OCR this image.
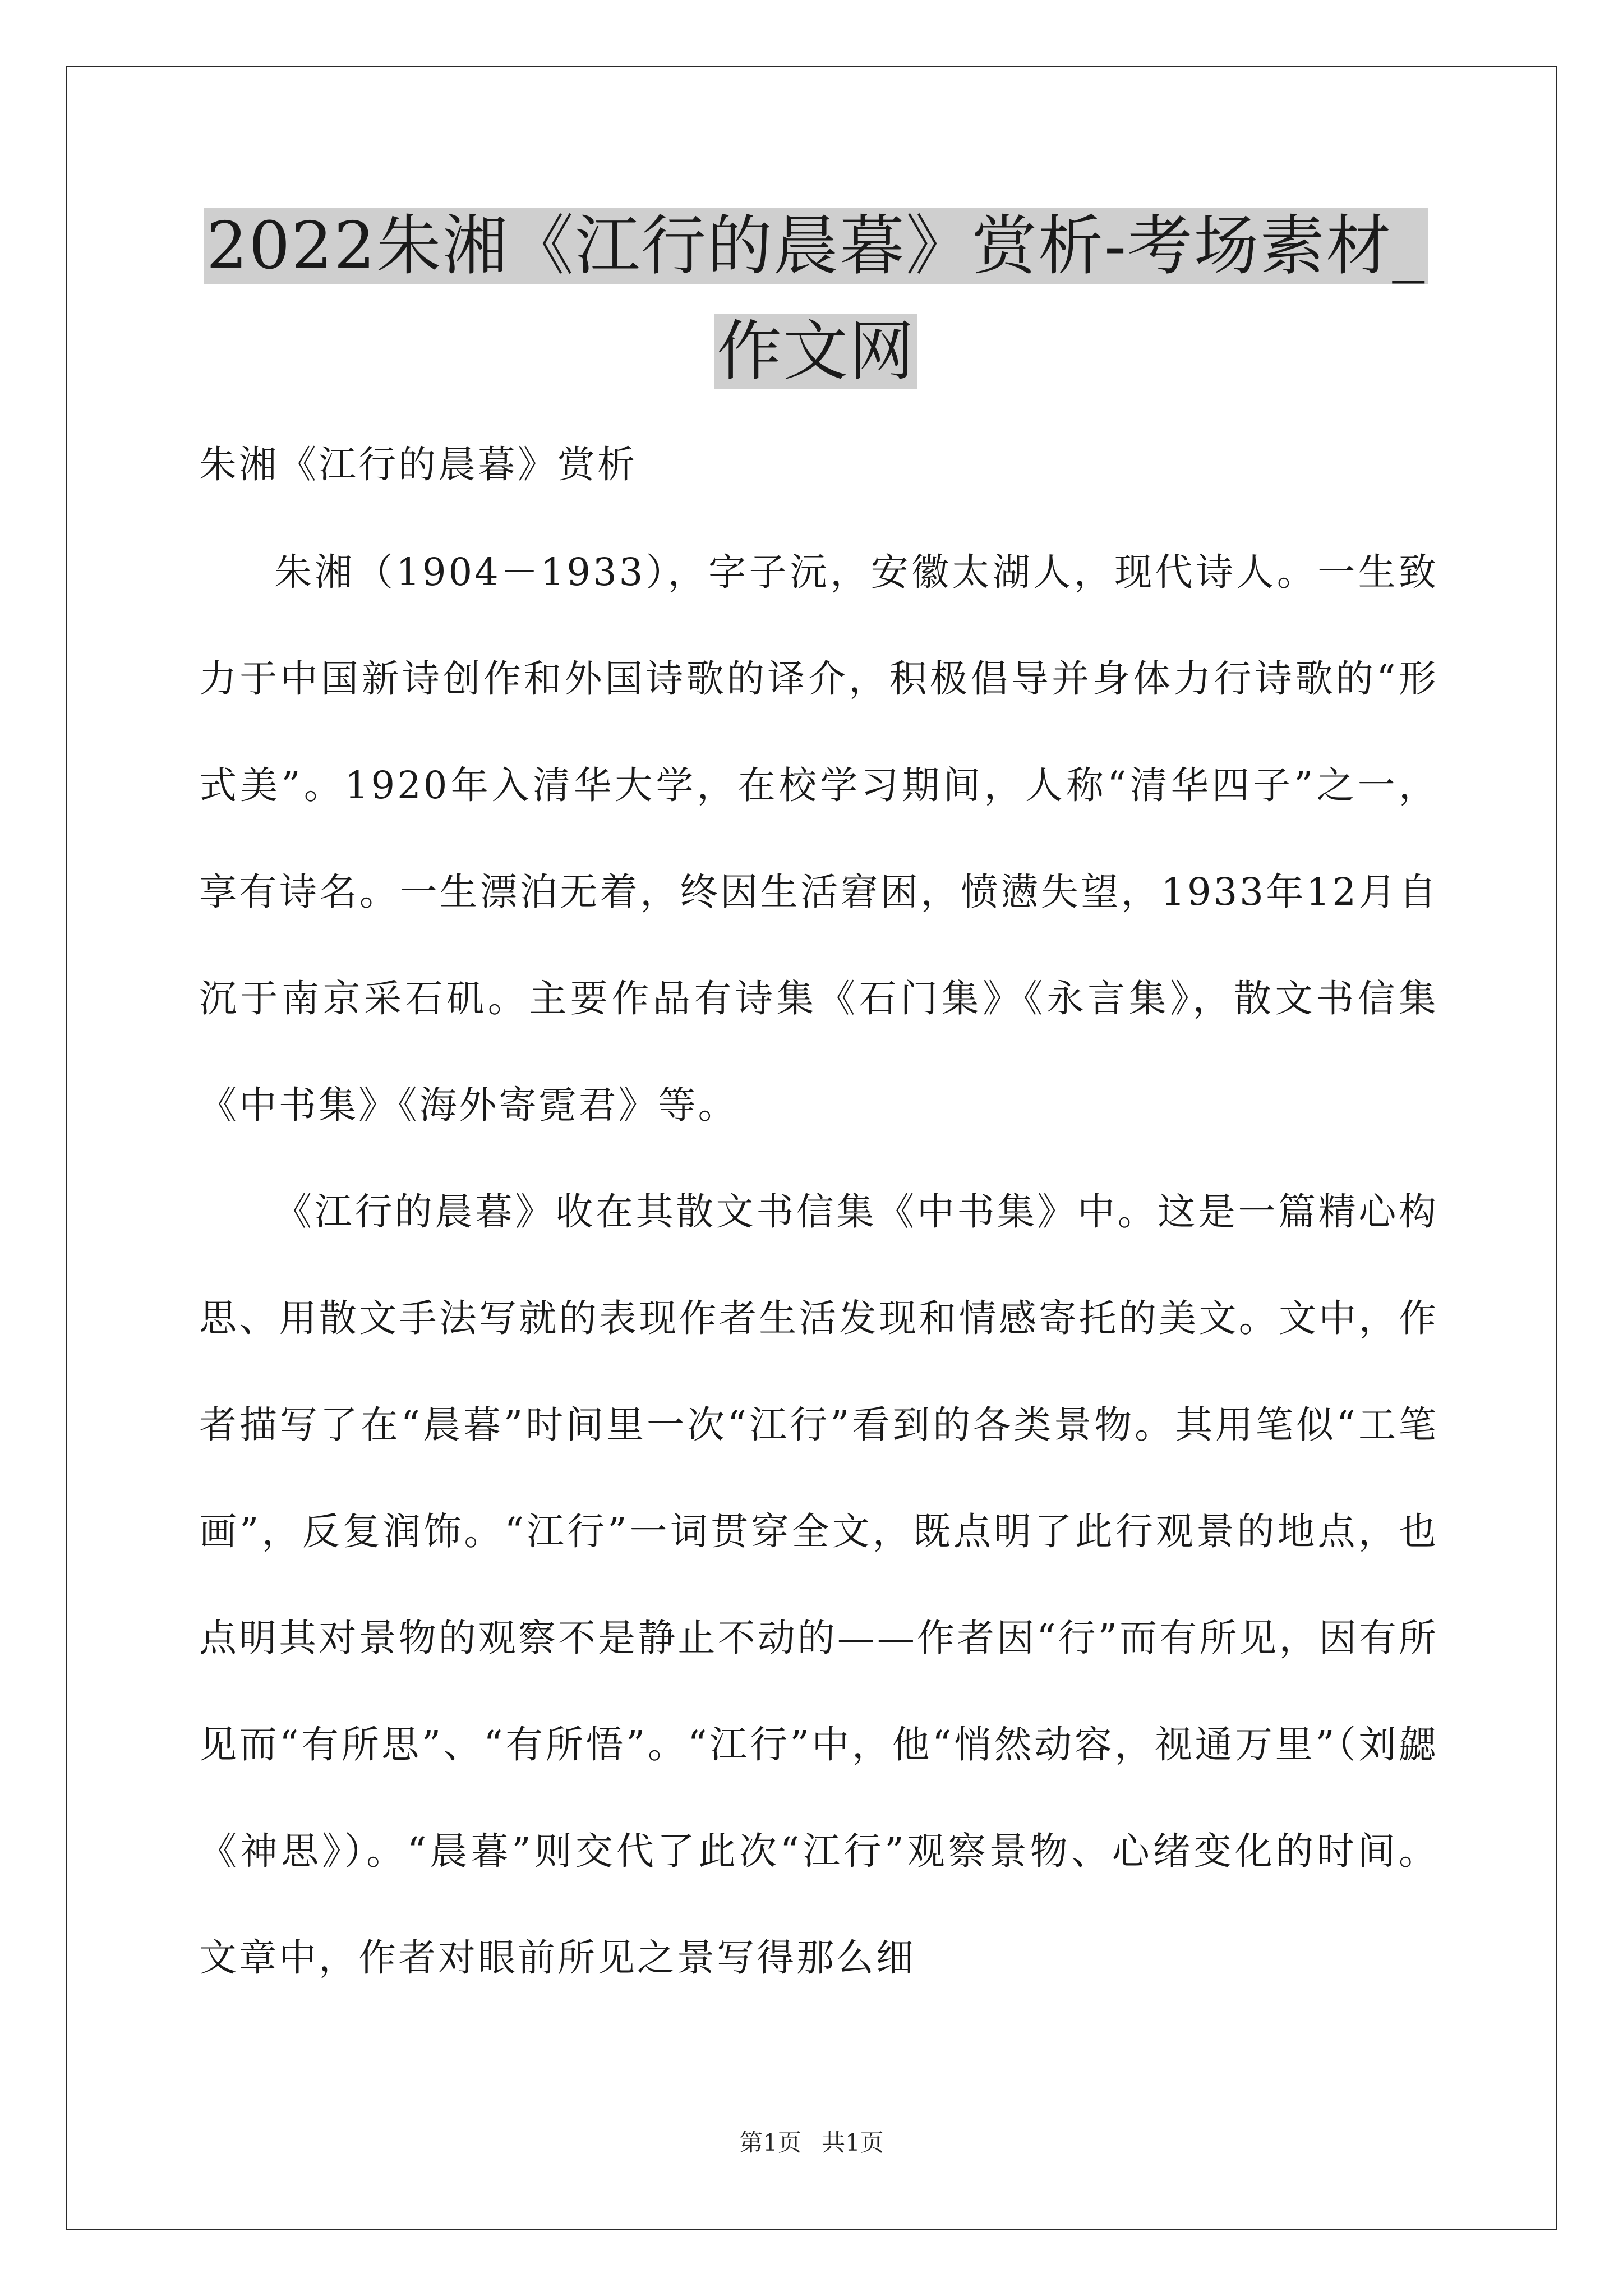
2022朱湘《江行的晨暮》赏析-考场素材_作文网
朱湘《江行的晨暮》赏析

朱湘（1904－1933），字子沅，安徽太湖人，现代诗人。一生致力于中国新诗创作和外国诗歌的译介，积极倡导并身体力行诗歌的“形式美”。1920年入清华大学，在校学习期间，人称“清华四子”之一，享有诗名。一生漂泊无着，终因生活窘困，愤懑失望，1933年12月自沉于南京采石矶。主要作品有诗集《石门集》《永言集》，散文书信集《中书集》《海外寄霓君》等。

《江行的晨暮》收在其散文书信集《中书集》中。这是一篇精心构思、用散文手法写就的表现作者生活发现和情感寄托的美文。文中，作者描写了在“晨暮”时间里一次“江行”看到的各类景物。其用笔似“工笔画”，反复润饰。“江行”一词贯穿全文，既点明了此行观景的地点，也点明其对景物的观察不是静止不动的——作者因“行”而有所见，因有所见而“有所思”、“有所悟”。“江行”中，他“悄然动容，视通万里”（刘勰《神思》）。“晨暮”则交代了此次“江行”观察景物、心绪变化的时间。文章中，作者对眼前所见之景写得那么细

第1页 共1页
